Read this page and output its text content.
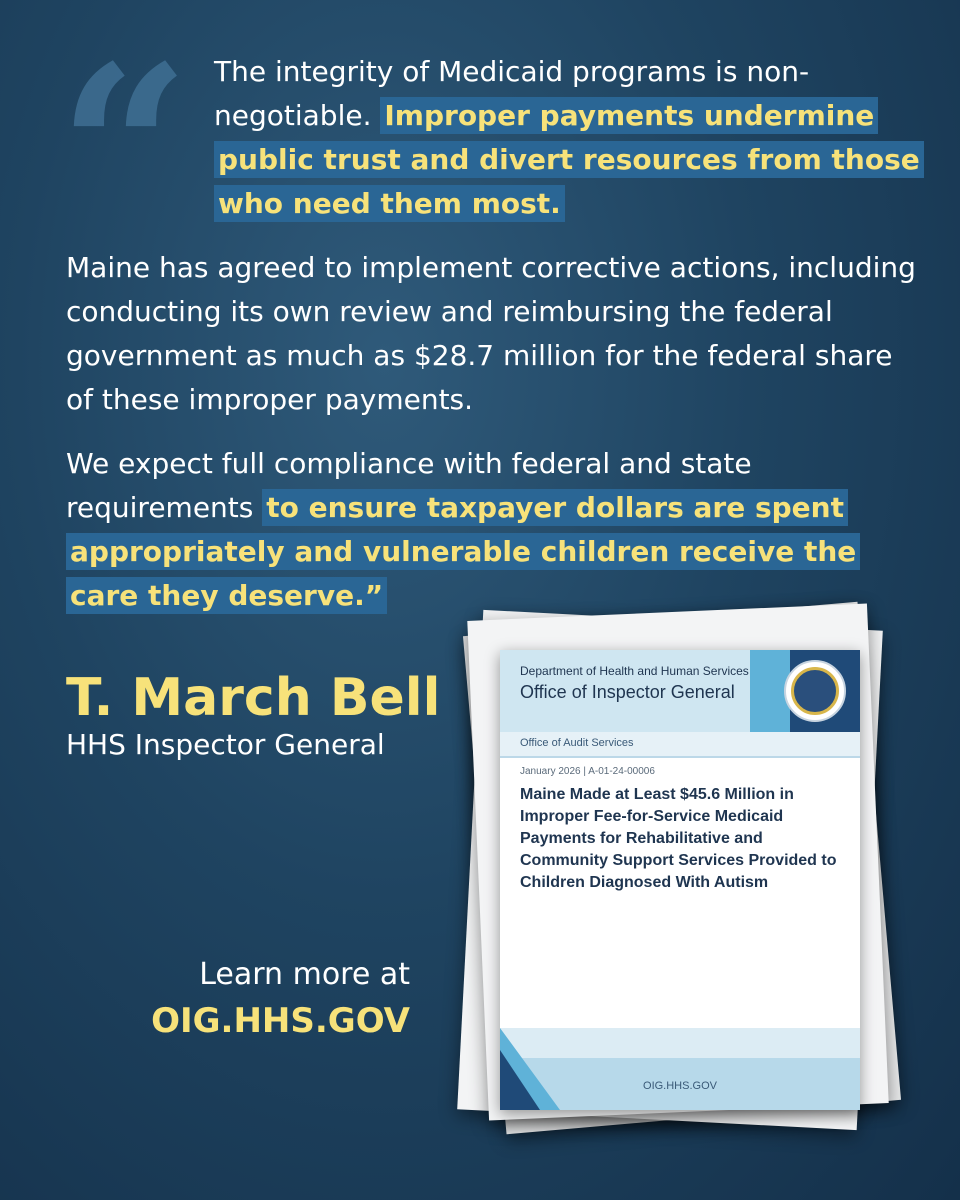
“ The integrity of Medicaid programs is non-negotiable. Improper payments undermine public trust and divert resources from those who need them most.

Maine has agreed to implement corrective actions, including conducting its own review and reimbursing the federal government as much as $28.7 million for the federal share of these improper payments.

We expect full compliance with federal and state requirements to ensure taxpayer dollars are spent appropriately and vulnerable children receive the care they deserve.”

T. March Bell
HHS Inspector General
Learn more at
OIG.HHS.GOV
Department of Health and Human Services
Office of Inspector General
Office of Audit Services
January 2026 | A-01-24-00006
Maine Made at Least $45.6 Million in Improper Fee-for-Service Medicaid Payments for Rehabilitative and Community Support Services Provided to Children Diagnosed With Autism
OIG.HHS.GOV
